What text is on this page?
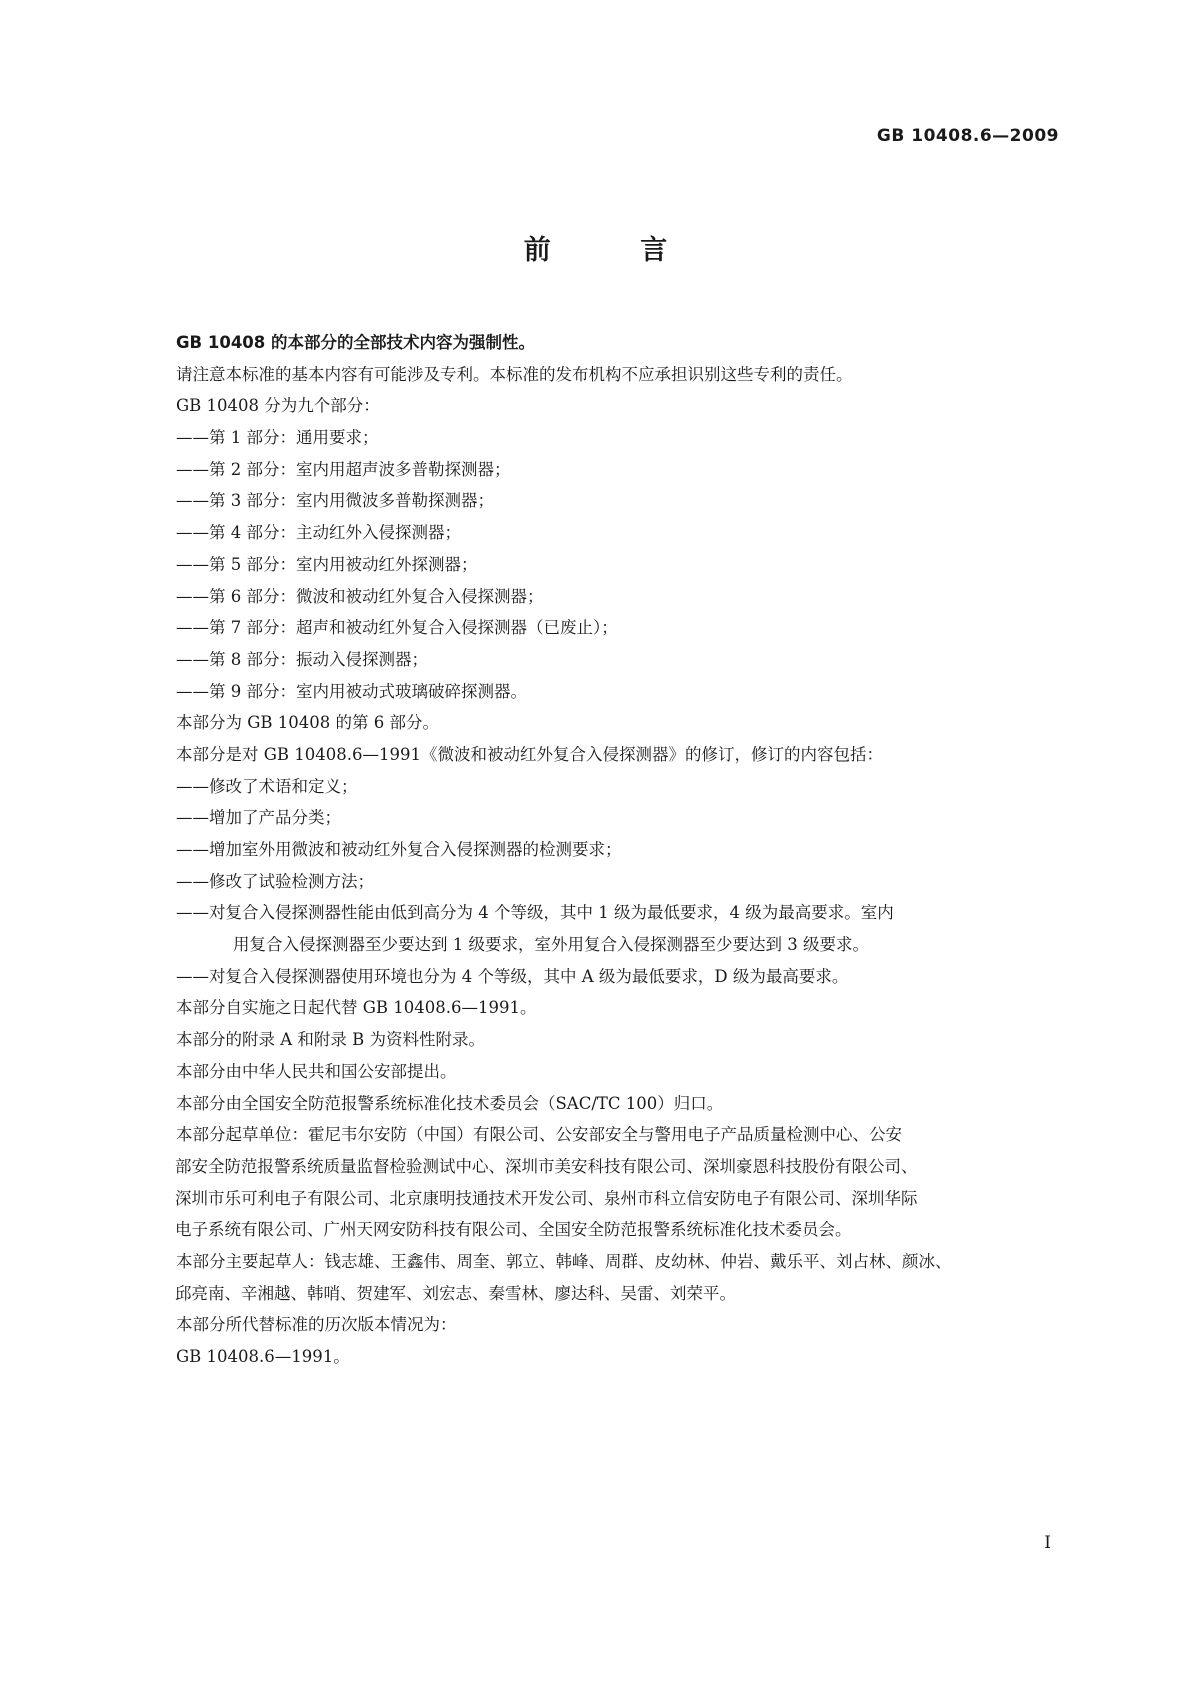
GB 10408.6—2009
前 言
GB 10408 的本部分的全部技术内容为强制性。
请注意本标准的基本内容有可能涉及专利。本标准的发布机构不应承担识别这些专利的责任。
GB 10408 分为九个部分：
——第 1 部分：通用要求；
——第 2 部分：室内用超声波多普勒探测器；
——第 3 部分：室内用微波多普勒探测器；
——第 4 部分：主动红外入侵探测器；
——第 5 部分：室内用被动红外探测器；
——第 6 部分：微波和被动红外复合入侵探测器；
——第 7 部分：超声和被动红外复合入侵探测器（已废止）；
——第 8 部分：振动入侵探测器；
——第 9 部分：室内用被动式玻璃破碎探测器。
本部分为 GB 10408 的第 6 部分。
本部分是对 GB 10408.6—1991《微波和被动红外复合入侵探测器》的修订，修订的内容包括：
——修改了术语和定义；
——增加了产品分类；
——增加室外用微波和被动红外复合入侵探测器的检测要求；
——修改了试验检测方法；
——对复合入侵探测器性能由低到高分为 4 个等级，其中 1 级为最低要求，4 级为最高要求。室内
用复合入侵探测器至少要达到 1 级要求，室外用复合入侵探测器至少要达到 3 级要求。
——对复合入侵探测器使用环境也分为 4 个等级，其中 A 级为最低要求，D 级为最高要求。
本部分自实施之日起代替 GB 10408.6—1991。
本部分的附录 A 和附录 B 为资料性附录。
本部分由中华人民共和国公安部提出。
本部分由全国安全防范报警系统标准化技术委员会（SAC/TC 100）归口。
本部分起草单位：霍尼韦尔安防（中国）有限公司、公安部安全与警用电子产品质量检测中心、公安
部安全防范报警系统质量监督检验测试中心、深圳市美安科技有限公司、深圳豪恩科技股份有限公司、
深圳市乐可利电子有限公司、北京康明技通技术开发公司、泉州市科立信安防电子有限公司、深圳华际
电子系统有限公司、广州天网安防科技有限公司、全国安全防范报警系统标准化技术委员会。
本部分主要起草人：钱志雄、王鑫伟、周奎、郭立、韩峰、周群、皮幼林、仲岩、戴乐平、刘占林、颜冰、
邱亮南、辛湘越、韩哨、贺建军、刘宏志、秦雪林、廖达科、吴雷、刘荣平。
本部分所代替标准的历次版本情况为：
GB 10408.6—1991。
I
